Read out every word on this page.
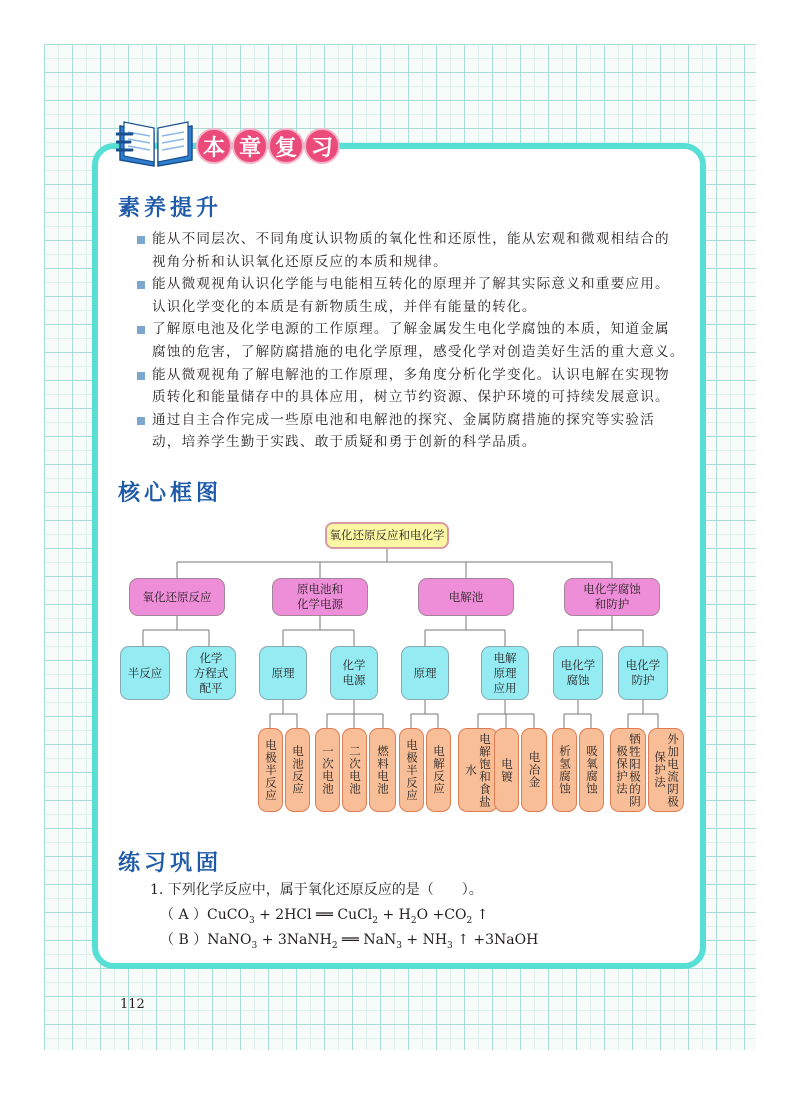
本 章 复 习
素养提升
能从不同层次、不同角度认识物质的氧化性和还原性，能从宏观和微观相结合的
视角分析和认识氧化还原反应的本质和规律。
能从微观视角认识化学能与电能相互转化的原理并了解其实际意义和重要应用。
认识化学变化的本质是有新物质生成，并伴有能量的转化。
了解原电池及化学电源的工作原理。了解金属发生电化学腐蚀的本质，知道金属
腐蚀的危害，了解防腐措施的电化学原理，感受化学对创造美好生活的重大意义。
能从微观视角了解电解池的工作原理，多角度分析化学变化。认识电解在实现物
质转化和能量储存中的具体应用，树立节约资源、保护环境的可持续发展意识。
通过自主合作完成一些原电池和电解池的探究、金属防腐措施的探究等实验活
动，培养学生勤于实践、敢于质疑和勇于创新的科学品质。
核心框图
氧化还原反应和电化学
氧化还原反应
原电池和
化学电源
电解池
电化学腐蚀
和防护
半反应
化学
方程式
配平
原理
化学
电源
原理
电解
原理
应用
电化学
腐蚀
电化学
防护
电极半反应	电池反应	一次电池	二次电池	燃料电池	电极半反应	电解反应	电解饱和食盐水	电镀	电冶金	析氢腐蚀	吸氧腐蚀	牺牲阳极的阴极保护法	外加电流阴极保护法
练习巩固
1. 下列化学反应中，属于氧化还原反应的是（　　）。
（ A ）CuCO$_3$ + 2HCl ══ CuCl$_2$ + $H_2O +CO_2$ ↑
（ B ）NaNO$_3$ + 3NaNH$_2$ ══ $NaN_3 + NH_3$ ↑ +3NaOH
112
